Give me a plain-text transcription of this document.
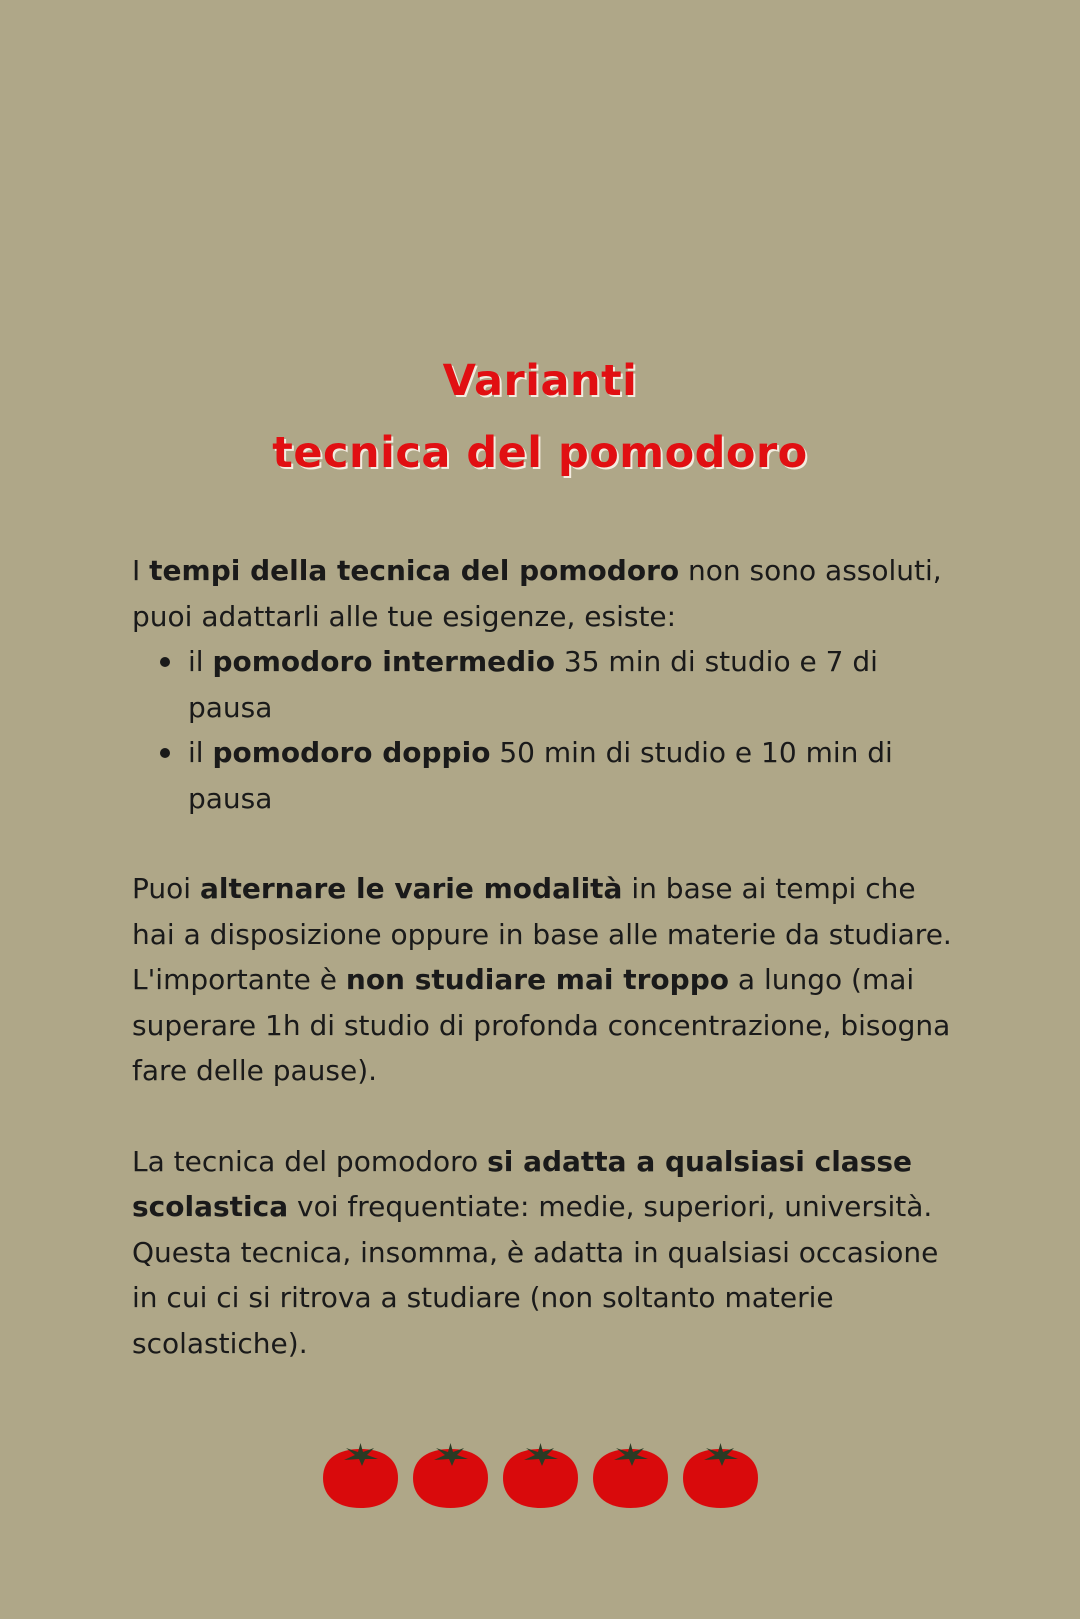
Varianti
tecnica del pomodoro

I tempi della tecnica del pomodoro non sono assoluti, puoi adattarli alle tue esigenze, esiste:

il pomodoro intermedio 35 min di studio e 7 di pausa
il pomodoro doppio 50 min di studio e 10 min di pausa

Puoi alternare le varie modalità in base ai tempi che hai a disposizione oppure in base alle materie da studiare. L'importante è non studiare mai troppo a lungo (mai superare 1h di studio di profonda concentrazione, bisogna fare delle pause).

La tecnica del pomodoro si adatta a qualsiasi classe scolastica voi frequentiate: medie, superiori, università. Questa tecnica, insomma, è adatta in qualsiasi occasione in cui ci si ritrova a studiare (non soltanto materie scolastiche).
